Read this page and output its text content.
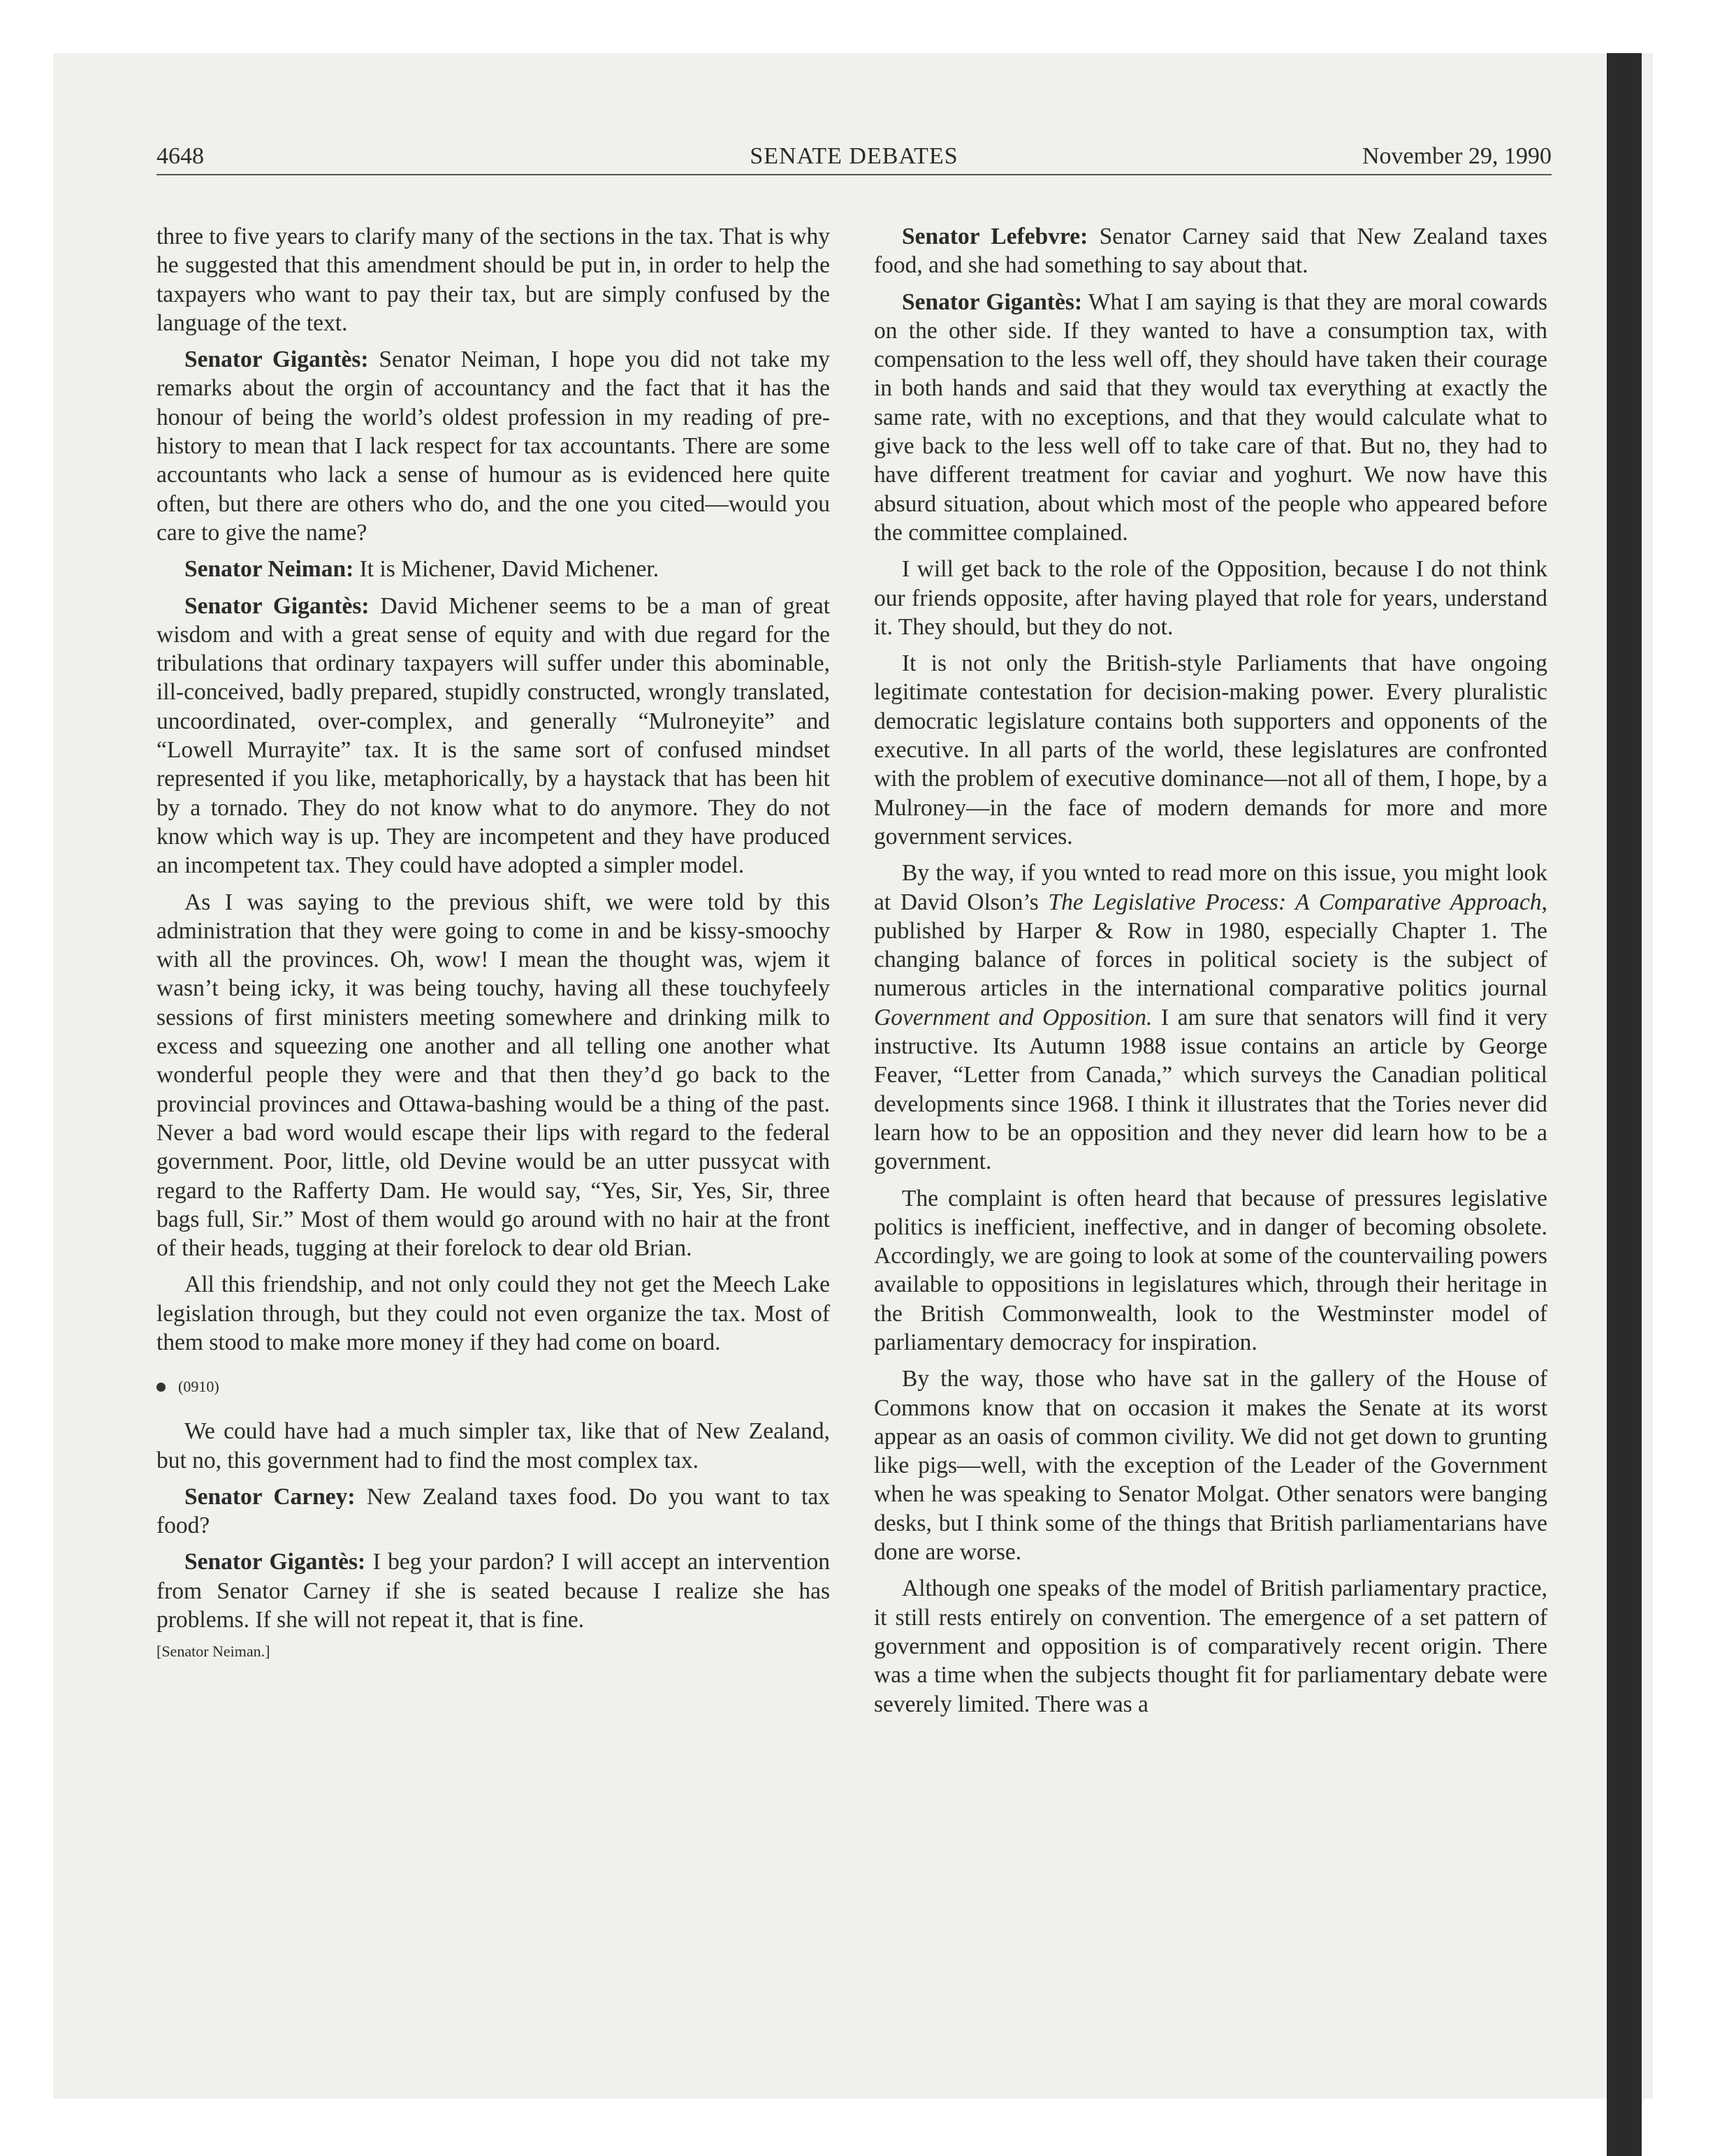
4648	SENATE DEBATES	November 29, 1990

three to five years to clarify many of the sections in the tax. That is why he suggested that this amendment should be put in, in order to help the taxpayers who want to pay their tax, but are simply confused by the language of the text.

Senator Gigantès: Senator Neiman, I hope you did not take my remarks about the orgin of accountancy and the fact that it has the honour of being the world’s oldest profession in my reading of pre-history to mean that I lack respect for tax accountants. There are some accountants who lack a sense of humour as is evidenced here quite often, but there are others who do, and the one you cited—would you care to give the name?

Senator Neiman: It is Michener, David Michener.

Senator Gigantès: David Michener seems to be a man of great wisdom and with a great sense of equity and with due regard for the tribulations that ordinary taxpayers will suffer under this abominable, ill-conceived, badly prepared, stupidly constructed, wrongly translated, uncoordinated, over-complex, and generally “Mulroneyite” and “Lowell Murrayite” tax. It is the same sort of confused mindset represented if you like, metaphorically, by a haystack that has been hit by a tornado. They do not know what to do anymore. They do not know which way is up. They are incompetent and they have produced an incompetent tax. They could have adopted a simpler model.

As I was saying to the previous shift, we were told by this administration that they were going to come in and be kissy-smoochy with all the provinces. Oh, wow! I mean the thought was, wjem it wasn’t being icky, it was being touchy, having all these touchyfeely sessions of first ministers meeting somewhere and drinking milk to excess and squeezing one another and all telling one another what wonderful people they were and that then they’d go back to the provincial provinces and Ottawa-bashing would be a thing of the past. Never a bad word would escape their lips with regard to the federal government. Poor, little, old Devine would be an utter pussycat with regard to the Rafferty Dam. He would say, “Yes, Sir, Yes, Sir, three bags full, Sir.” Most of them would go around with no hair at the front of their heads, tugging at their forelock to dear old Brian.

All this friendship, and not only could they not get the Meech Lake legislation through, but they could not even organize the tax. Most of them stood to make more money if they had come on board.

(0910)

We could have had a much simpler tax, like that of New Zealand, but no, this government had to find the most complex tax.

Senator Carney: New Zealand taxes food. Do you want to tax food?

Senator Gigantès: I beg your pardon? I will accept an intervention from Senator Carney if she is seated because I realize she has problems. If she will not repeat it, that is fine.

[Senator Neiman.]

Senator Lefebvre: Senator Carney said that New Zealand taxes food, and she had something to say about that.

Senator Gigantès: What I am saying is that they are moral cowards on the other side. If they wanted to have a consumption tax, with compensation to the less well off, they should have taken their courage in both hands and said that they would tax everything at exactly the same rate, with no exceptions, and that they would calculate what to give back to the less well off to take care of that. But no, they had to have different treatment for caviar and yoghurt. We now have this absurd situation, about which most of the people who appeared before the committee complained.

I will get back to the role of the Opposition, because I do not think our friends opposite, after having played that role for years, understand it. They should, but they do not.

It is not only the British-style Parliaments that have ongoing legitimate contestation for decision-making power. Every pluralistic democratic legislature contains both supporters and opponents of the executive. In all parts of the world, these legislatures are confronted with the problem of executive dominance—not all of them, I hope, by a Mulroney—in the face of modern demands for more and more government services.

By the way, if you wnted to read more on this issue, you might look at David Olson’s The Legislative Process: A Comparative Approach, published by Harper & Row in 1980, especially Chapter 1. The changing balance of forces in political society is the subject of numerous articles in the international comparative politics journal Government and Opposition. I am sure that senators will find it very instructive. Its Autumn 1988 issue contains an article by George Feaver, “Letter from Canada,” which surveys the Canadian political developments since 1968. I think it illustrates that the Tories never did learn how to be an opposition and they never did learn how to be a government.

The complaint is often heard that because of pressures legislative politics is inefficient, ineffective, and in danger of becoming obsolete. Accordingly, we are going to look at some of the countervailing powers available to oppositions in legislatures which, through their heritage in the British Commonwealth, look to the Westminster model of parliamentary democracy for inspiration.

By the way, those who have sat in the gallery of the House of Commons know that on occasion it makes the Senate at its worst appear as an oasis of common civility. We did not get down to grunting like pigs—well, with the exception of the Leader of the Government when he was speaking to Senator Molgat. Other senators were banging desks, but I think some of the things that British parliamentarians have done are worse.

Although one speaks of the model of British parliamentary practice, it still rests entirely on convention. The emergence of a set pattern of government and opposition is of comparatively recent origin. There was a time when the subjects thought fit for parliamentary debate were severely limited. There was a
